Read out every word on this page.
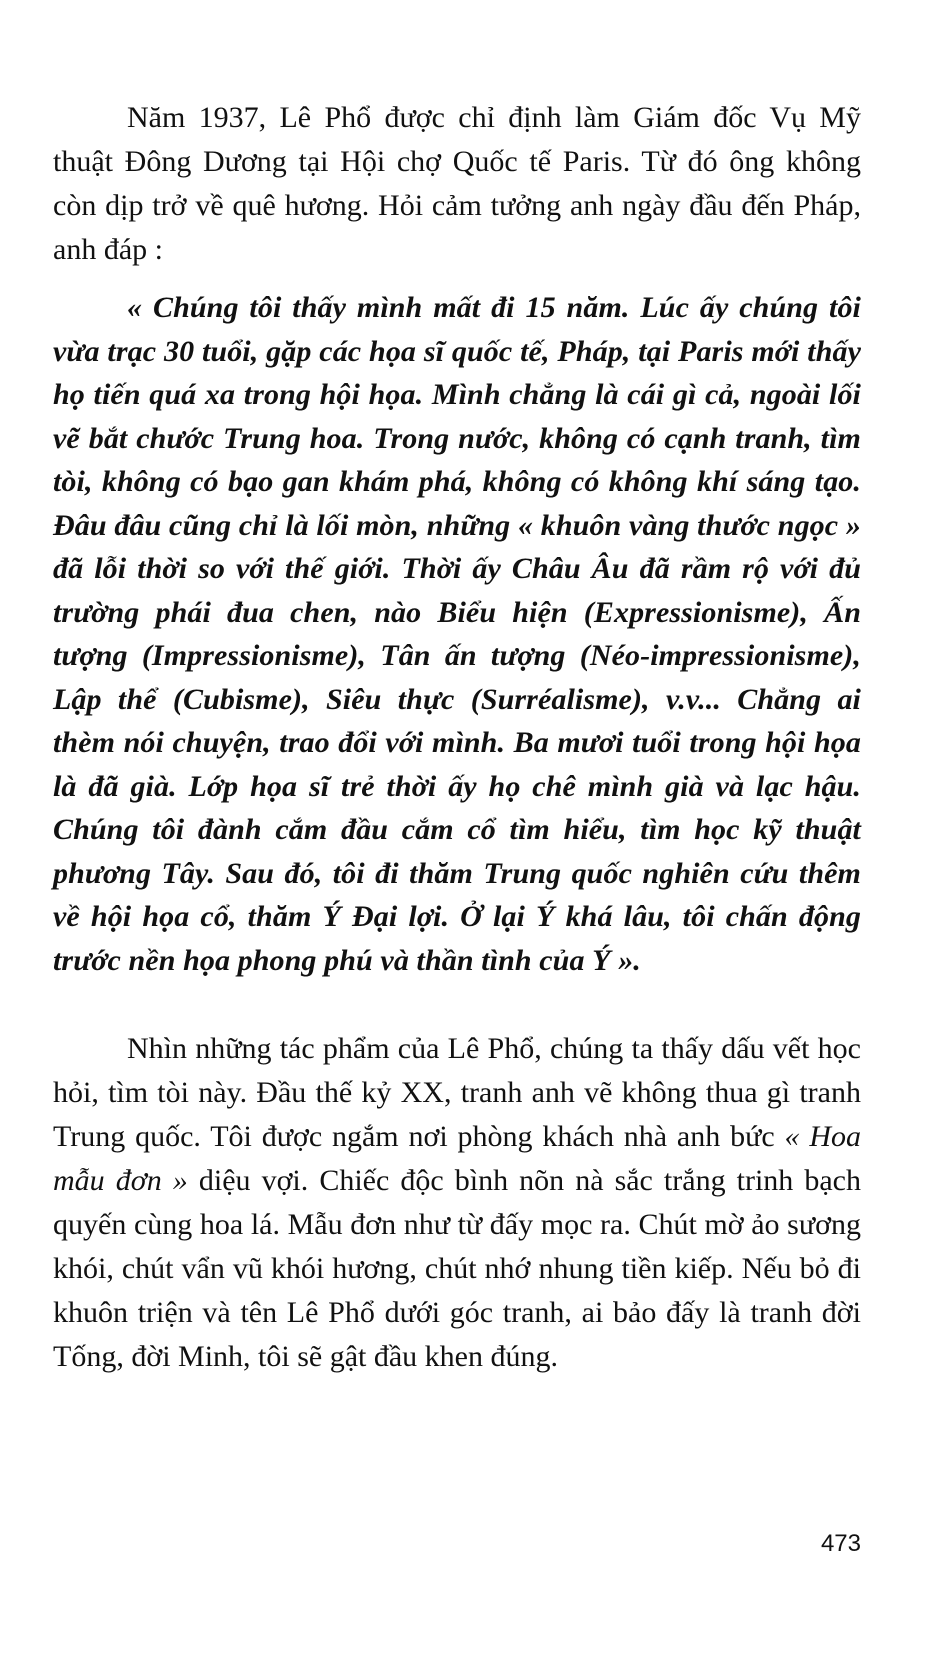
Năm 1937, Lê Phổ được chỉ định làm Giám đốc Vụ Mỹ thuật Đông Dương tại Hội chợ Quốc tế Paris. Từ đó ông không còn dịp trở về quê hương. Hỏi cảm tưởng anh ngày đầu đến Pháp, anh đáp :

« Chúng tôi thấy mình mất đi 15 năm. Lúc ấy chúng tôi vừa trạc 30 tuổi, gặp các họa sĩ quốc tế, Pháp, tại Paris mới thấy họ tiến quá xa trong hội họa. Mình chẳng là cái gì cả, ngoài lối vẽ bắt chước Trung hoa. Trong nước, không có cạnh tranh, tìm tòi, không có bạo gan khám phá, không có không khí sáng tạo. Đâu đâu cũng chỉ là lối mòn, những « khuôn vàng thước ngọc » đã lỗi thời so với thế giới. Thời ấy Châu Âu đã rầm rộ với đủ trường phái đua chen, nào Biểu hiện (Expressionisme), Ấn tượng (Impressionisme), Tân ấn tượng (Néo-impressionisme), Lập thể (Cubisme), Siêu thực (Surréalisme), v.v... Chẳng ai thèm nói chuyện, trao đổi với mình. Ba mươi tuổi trong hội họa là đã già. Lớp họa sĩ trẻ thời ấy họ chê mình già và lạc hậu. Chúng tôi đành cắm đầu cắm cổ tìm hiểu, tìm học kỹ thuật phương Tây. Sau đó, tôi đi thăm Trung quốc nghiên cứu thêm về hội họa cổ, thăm Ý Đại lợi. Ở lại Ý khá lâu, tôi chấn động trước nền họa phong phú và thần tình của Ý ».

Nhìn những tác phẩm của Lê Phổ, chúng ta thấy dấu vết học hỏi, tìm tòi này. Đầu thế kỷ XX, tranh anh vẽ không thua gì tranh Trung quốc. Tôi được ngắm nơi phòng khách nhà anh bức « Hoa mẫu đơn » diệu vợi. Chiếc độc bình nõn nà sắc trắng trinh bạch quyến cùng hoa lá. Mẫu đơn như từ đấy mọc ra. Chút mờ ảo sương khói, chút vẩn vũ khói hương, chút nhớ nhung tiền kiếp. Nếu bỏ đi khuôn triện và tên Lê Phổ dưới góc tranh, ai bảo đấy là tranh đời Tống, đời Minh, tôi sẽ gật đầu khen đúng.

473
